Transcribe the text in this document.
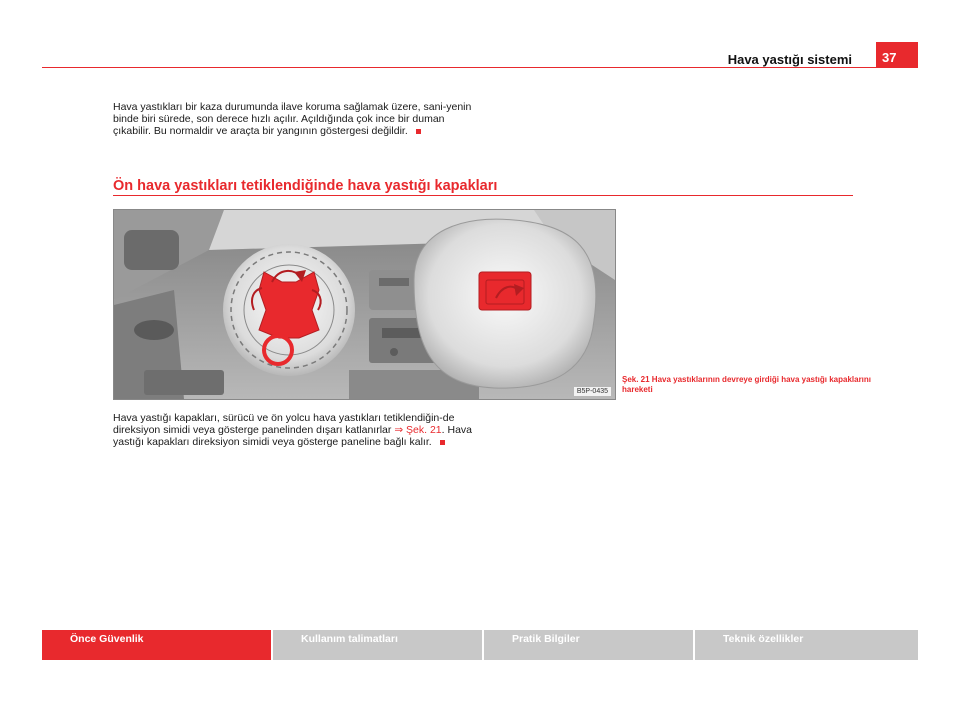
Hava yastığı sistemi	37
Hava yastıkları bir kaza durumunda ilave koruma sağlamak üzere, sani-yenin binde biri sürede, son derece hızlı açılır. Açıldığında çok ince bir duman çıkabilir. Bu normaldir ve araçta bir yangının göstergesi değildir.
Ön hava yastıkları tetiklendiğinde hava yastığı kapakları
B5P-0435
Şek. 21 Hava yastıklarının devreye girdiği hava yastığı kapaklarını hareketi
Hava yastığı kapakları, sürücü ve ön yolcu hava yastıkları tetiklendiğin-de direksiyon simidi veya gösterge panelinden dışarı katlanırlar ⇒ Şek. 21. Hava yastığı kapakları direksiyon simidi veya gösterge paneline bağlı kalır.
Önce Güvenlik	Kullanım talimatları	Pratik Bilgiler	Teknik özellikler
